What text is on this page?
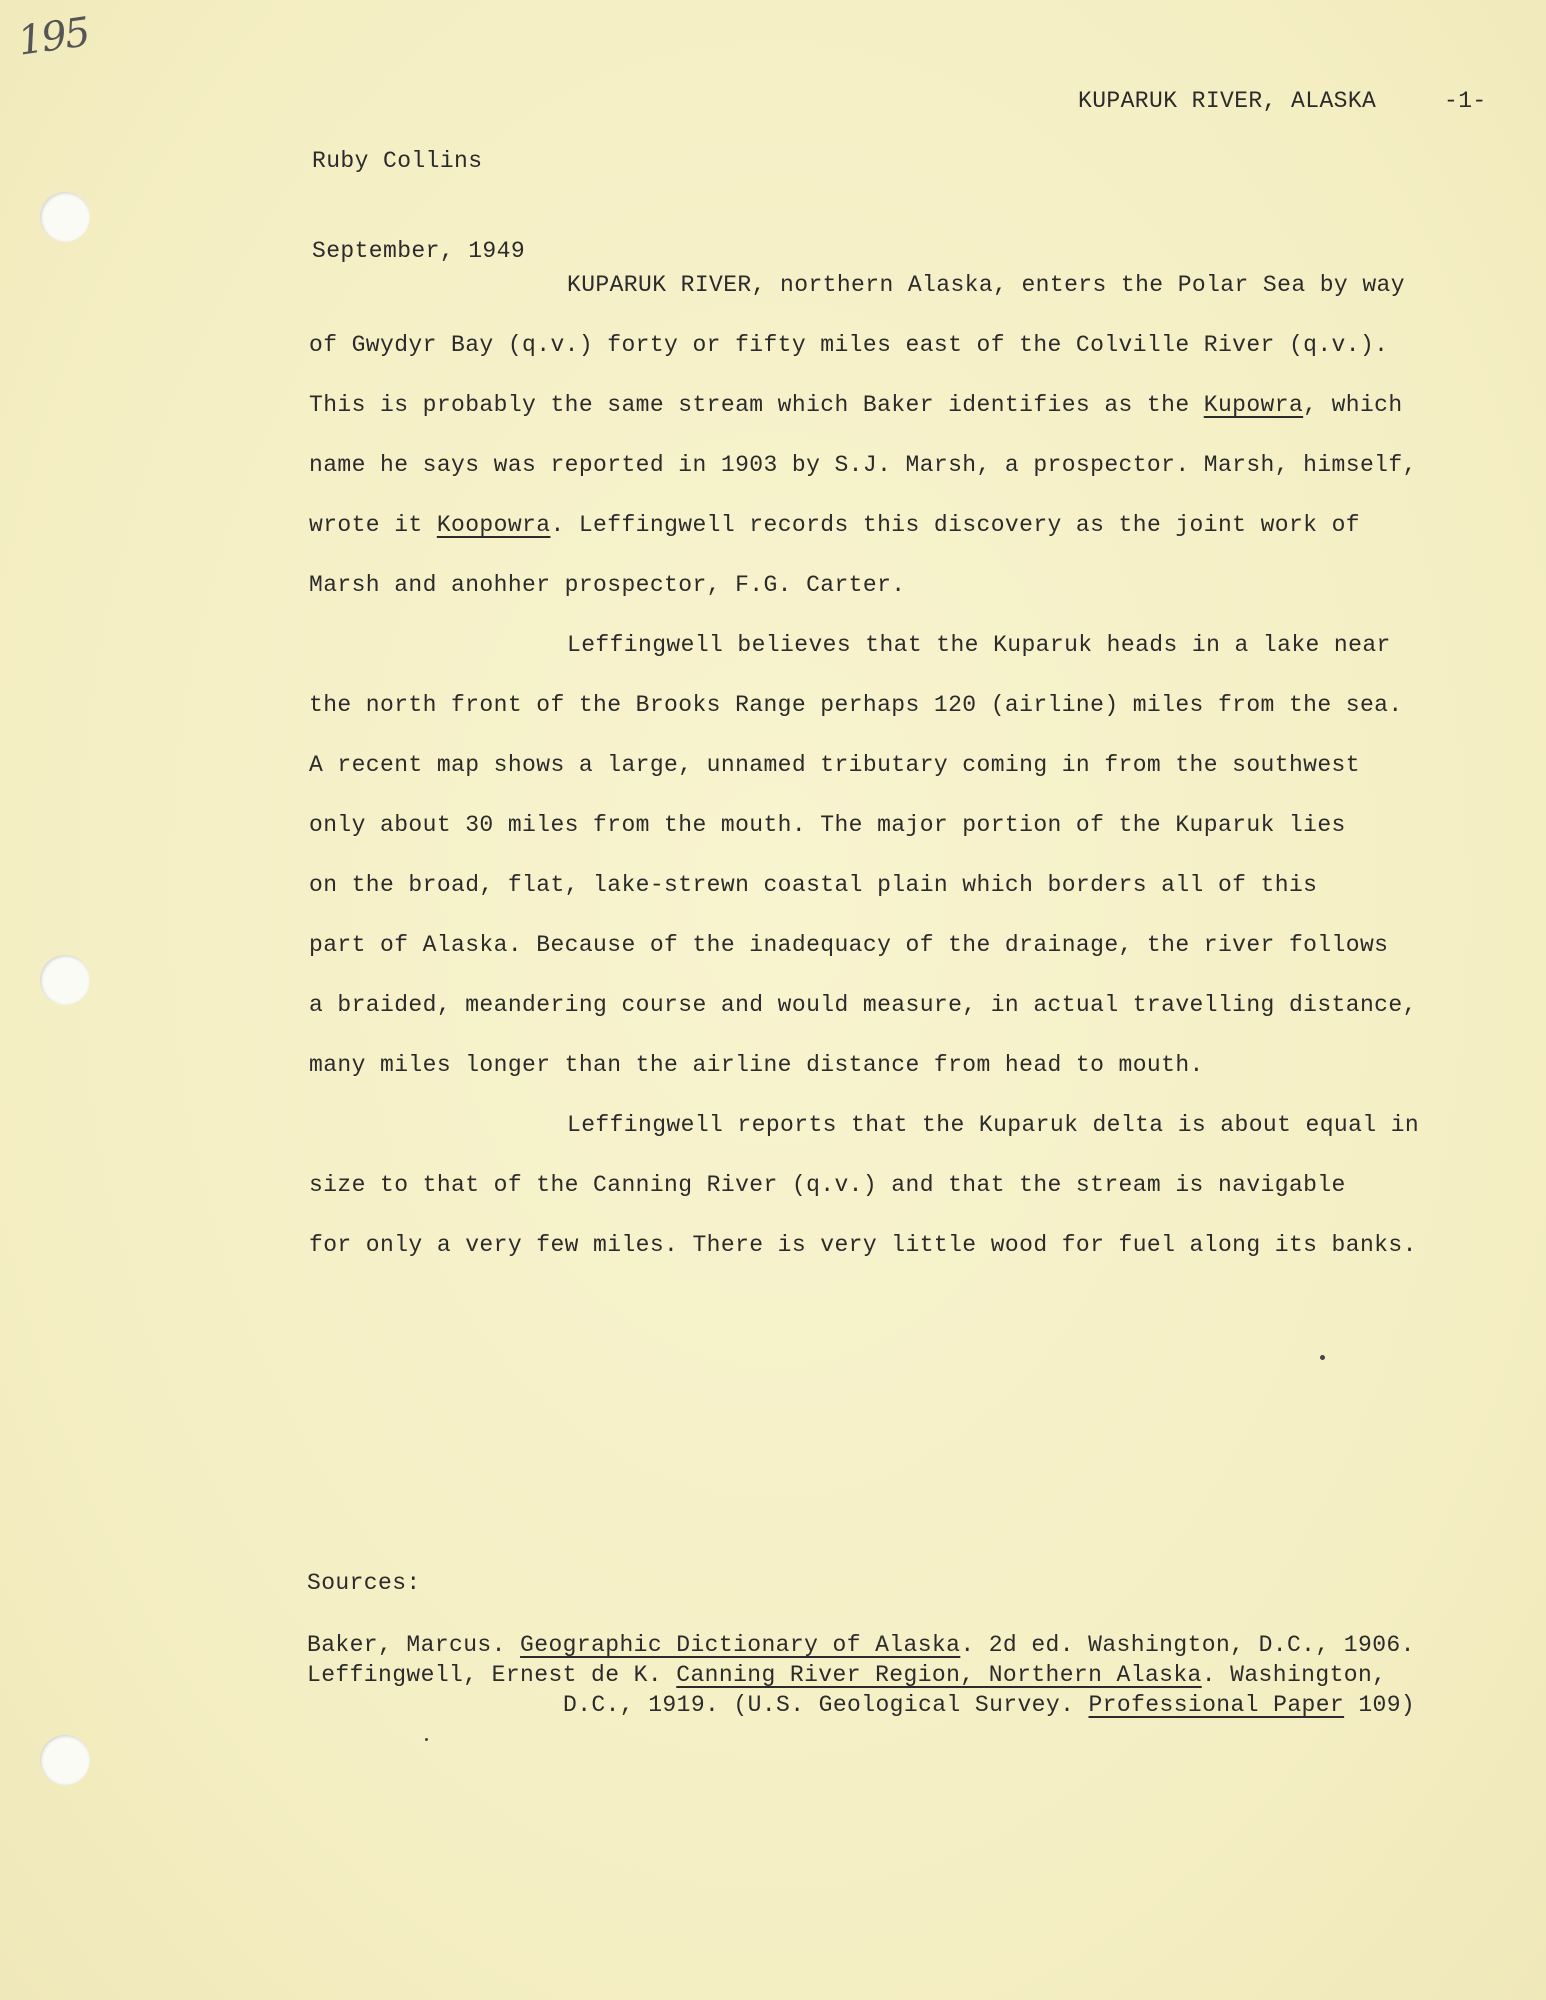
195

Ruby Collins

September, 1949

KUPARUK RIVER, ALASKA	-1-
KUPARUK RIVER, northern Alaska, enters the Polar Sea by way
of Gwydyr Bay (q.v.) forty or fifty miles east of the Colville River (q.v.).
This is probably the same stream which Baker identifies as the Kupowra, which
name he says was reported in 1903 by S.J. Marsh, a prospector. Marsh, himself,
wrote it Koopowra. Leffingwell records this discovery as the joint work of
Marsh and anohher prospector, F.G. Carter.
Leffingwell believes that the Kuparuk heads in a lake near
the north front of the Brooks Range perhaps 120 (airline) miles from the sea.
A recent map shows a large, unnamed tributary coming in from the southwest
only about 30 miles from the mouth. The major portion of the Kuparuk lies
on the broad, flat, lake-strewn coastal plain which borders all of this
part of Alaska. Because of the inadequacy of the drainage, the river follows
a braided, meandering course and would measure, in actual travelling distance,
many miles longer than the airline distance from head to mouth.
Leffingwell reports that the Kuparuk delta is about equal in
size to that of the Canning River (q.v.) and that the stream is navigable
for only a very few miles. There is very little wood for fuel along its banks.
Sources:
Baker, Marcus. Geographic Dictionary of Alaska. 2d ed. Washington, D.C., 1906.
Leffingwell, Ernest de K. Canning River Region, Northern Alaska. Washington,
D.C., 1919. (U.S. Geological Survey. Professional Paper 109)
